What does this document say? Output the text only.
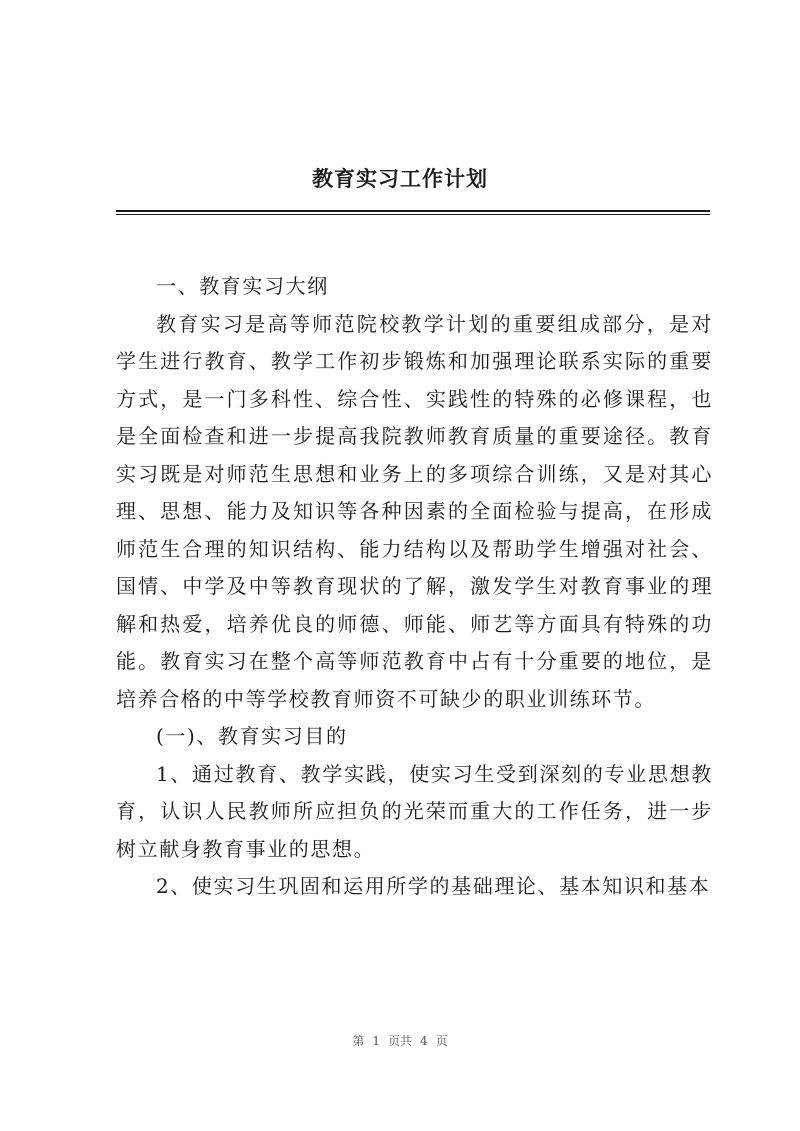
教育实习工作计划

一、教育实习大纲

教育实习是高等师范院校教学计划的重要组成部分，是对学生进行教育、教学工作初步锻炼和加强理论联系实际的重要方式，是一门多科性、综合性、实践性的特殊的必修课程，也是全面检查和进一步提高我院教师教育质量的重要途径。教育实习既是对师范生思想和业务上的多项综合训练，又是对其心理、思想、能力及知识等各种因素的全面检验与提高，在形成师范生合理的知识结构、能力结构以及帮助学生增强对社会、国情、中学及中等教育现状的了解，激发学生对教育事业的理解和热爱，培养优良的师德、师能、师艺等方面具有特殊的功能。教育实习在整个高等师范教育中占有十分重要的地位，是培养合格的中等学校教育师资不可缺少的职业训练环节。

(一)、教育实习目的

1、通过教育、教学实践，使实习生受到深刻的专业思想教育，认识人民教师所应担负的光荣而重大的工作任务，进一步树立献身教育事业的思想。

2、使实习生巩固和运用所学的基础理论、基本知识和基本

第 1 页共 4 页
